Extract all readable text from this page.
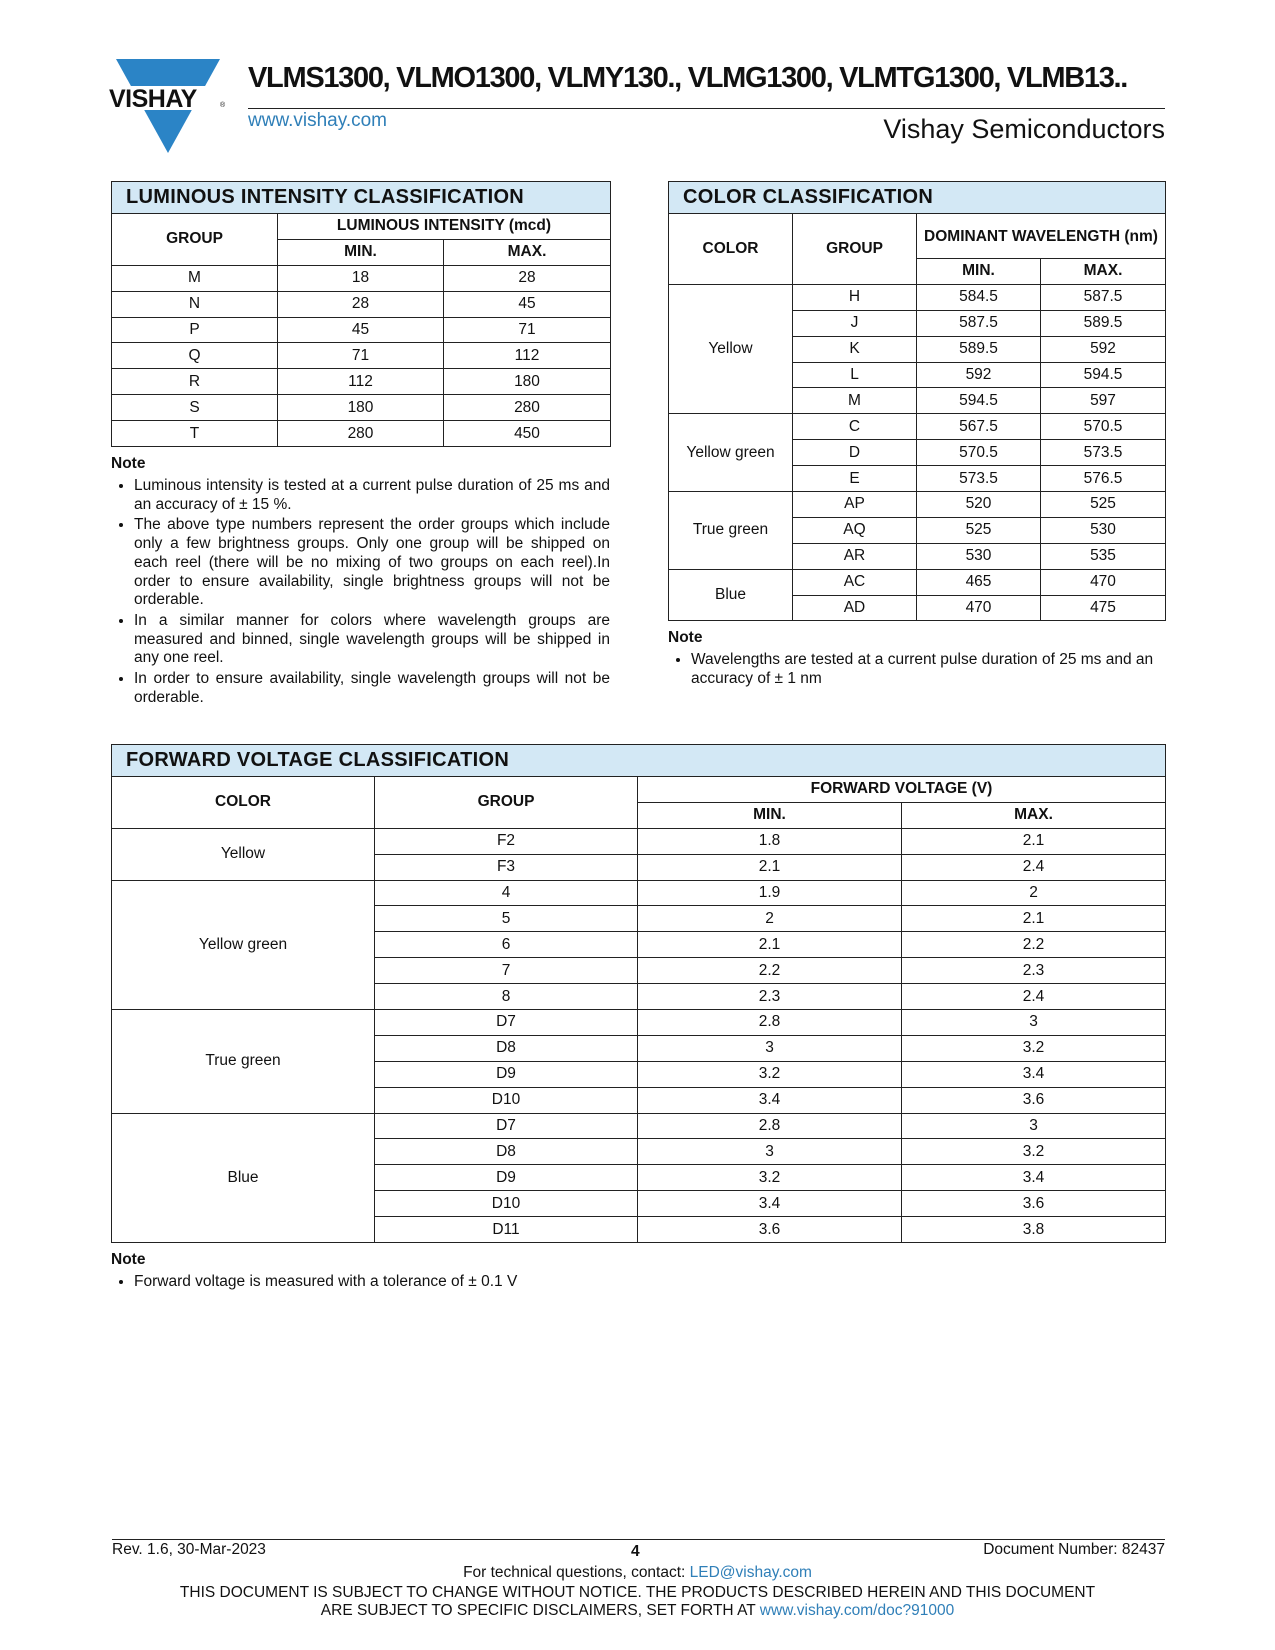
VISHAY	®
VLMS1300, VLMO1300, VLMY130., VLMG1300, VLMTG1300, VLMB13..
www.vishay.com	Vishay Semiconductors
LUMINOUS INTENSITY CLASSIFICATION		
GROUP	LUMINOUS INTENSITY (mcd)	
	MIN.	MAX.
M	18	28
N	28	45
P	45	71
Q	71	112
R	112	180
S	180	280
T	280	450
Note
• Luminous intensity is tested at a current pulse duration of 25 ms and an accuracy of ± 15 %.
• The above type numbers represent the order groups which include only a few brightness groups. Only one group will be shipped on each reel (there will be no mixing of two groups on each reel).In order to ensure availability, single brightness groups will not be orderable.
• In a similar manner for colors where wavelength groups are measured and binned, single wavelength groups will be shipped in any one reel.
• In order to ensure availability, single wavelength groups will not be orderable.
COLOR CLASSIFICATION			
COLOR	GROUP	DOMINANT WAVELENGTH (nm)	
		MIN.	MAX.
Yellow	H	584.5	587.5
	J	587.5	589.5
	K	589.5	592
	L	592	594.5
	M	594.5	597
Yellow green	C	567.5	570.5
	D	570.5	573.5
	E	573.5	576.5
True green	AP	520	525
	AQ	525	530
	AR	530	535
Blue	AC	465	470
	AD	470	475
Note
• Wavelengths are tested at a current pulse duration of 25 ms and an accuracy of ± 1 nm
FORWARD VOLTAGE CLASSIFICATION			
COLOR	GROUP	FORWARD VOLTAGE (V)	
		MIN.	MAX.
Yellow	F2	1.8	2.1
	F3	2.1	2.4
Yellow green	4	1.9	2
	5	2	2.1
	6	2.1	2.2
	7	2.2	2.3
	8	2.3	2.4
True green	D7	2.8	3
	D8	3	3.2
	D9	3.2	3.4
	D10	3.4	3.6
Blue	D7	2.8	3
	D8	3	3.2
	D9	3.2	3.4
	D10	3.4	3.6
	D11	3.6	3.8
Note
• Forward voltage is measured with a tolerance of ± 0.1 V
Rev. 1.6, 30-Mar-2023	4	Document Number: 82437
For technical questions, contact: LED@vishay.com
THIS DOCUMENT IS SUBJECT TO CHANGE WITHOUT NOTICE. THE PRODUCTS DESCRIBED HEREIN AND THIS DOCUMENT
ARE SUBJECT TO SPECIFIC DISCLAIMERS, SET FORTH AT www.vishay.com/doc?91000
